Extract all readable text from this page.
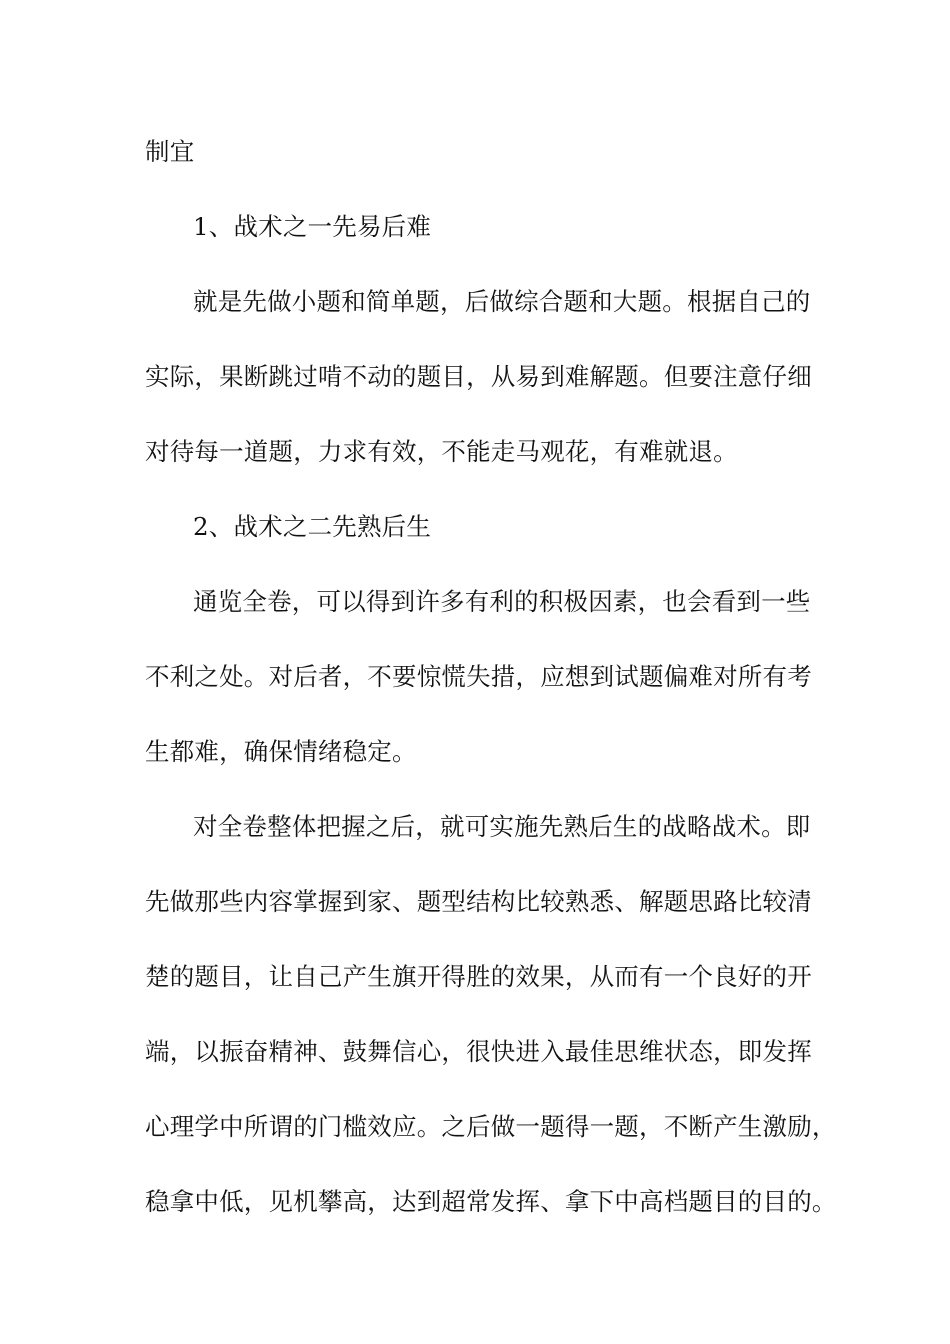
制宜
1、战术之一先易后难
就是先做小题和简单题，后做综合题和大题。根据自己的
实际，果断跳过啃不动的题目，从易到难解题。但要注意仔细
对待每一道题，力求有效，不能走马观花，有难就退。
2、战术之二先熟后生
通览全卷，可以得到许多有利的积极因素，也会看到一些
不利之处。对后者，不要惊慌失措，应想到试题偏难对所有考
生都难，确保情绪稳定。
对全卷整体把握之后，就可实施先熟后生的战略战术。即
先做那些内容掌握到家、题型结构比较熟悉、解题思路比较清
楚的题目，让自己产生旗开得胜的效果，从而有一个良好的开
端，以振奋精神、鼓舞信心，很快进入最佳思维状态，即发挥
心理学中所谓的门槛效应。之后做一题得一题，不断产生激励，
稳拿中低，见机攀高，达到超常发挥、拿下中高档题目的目的。
